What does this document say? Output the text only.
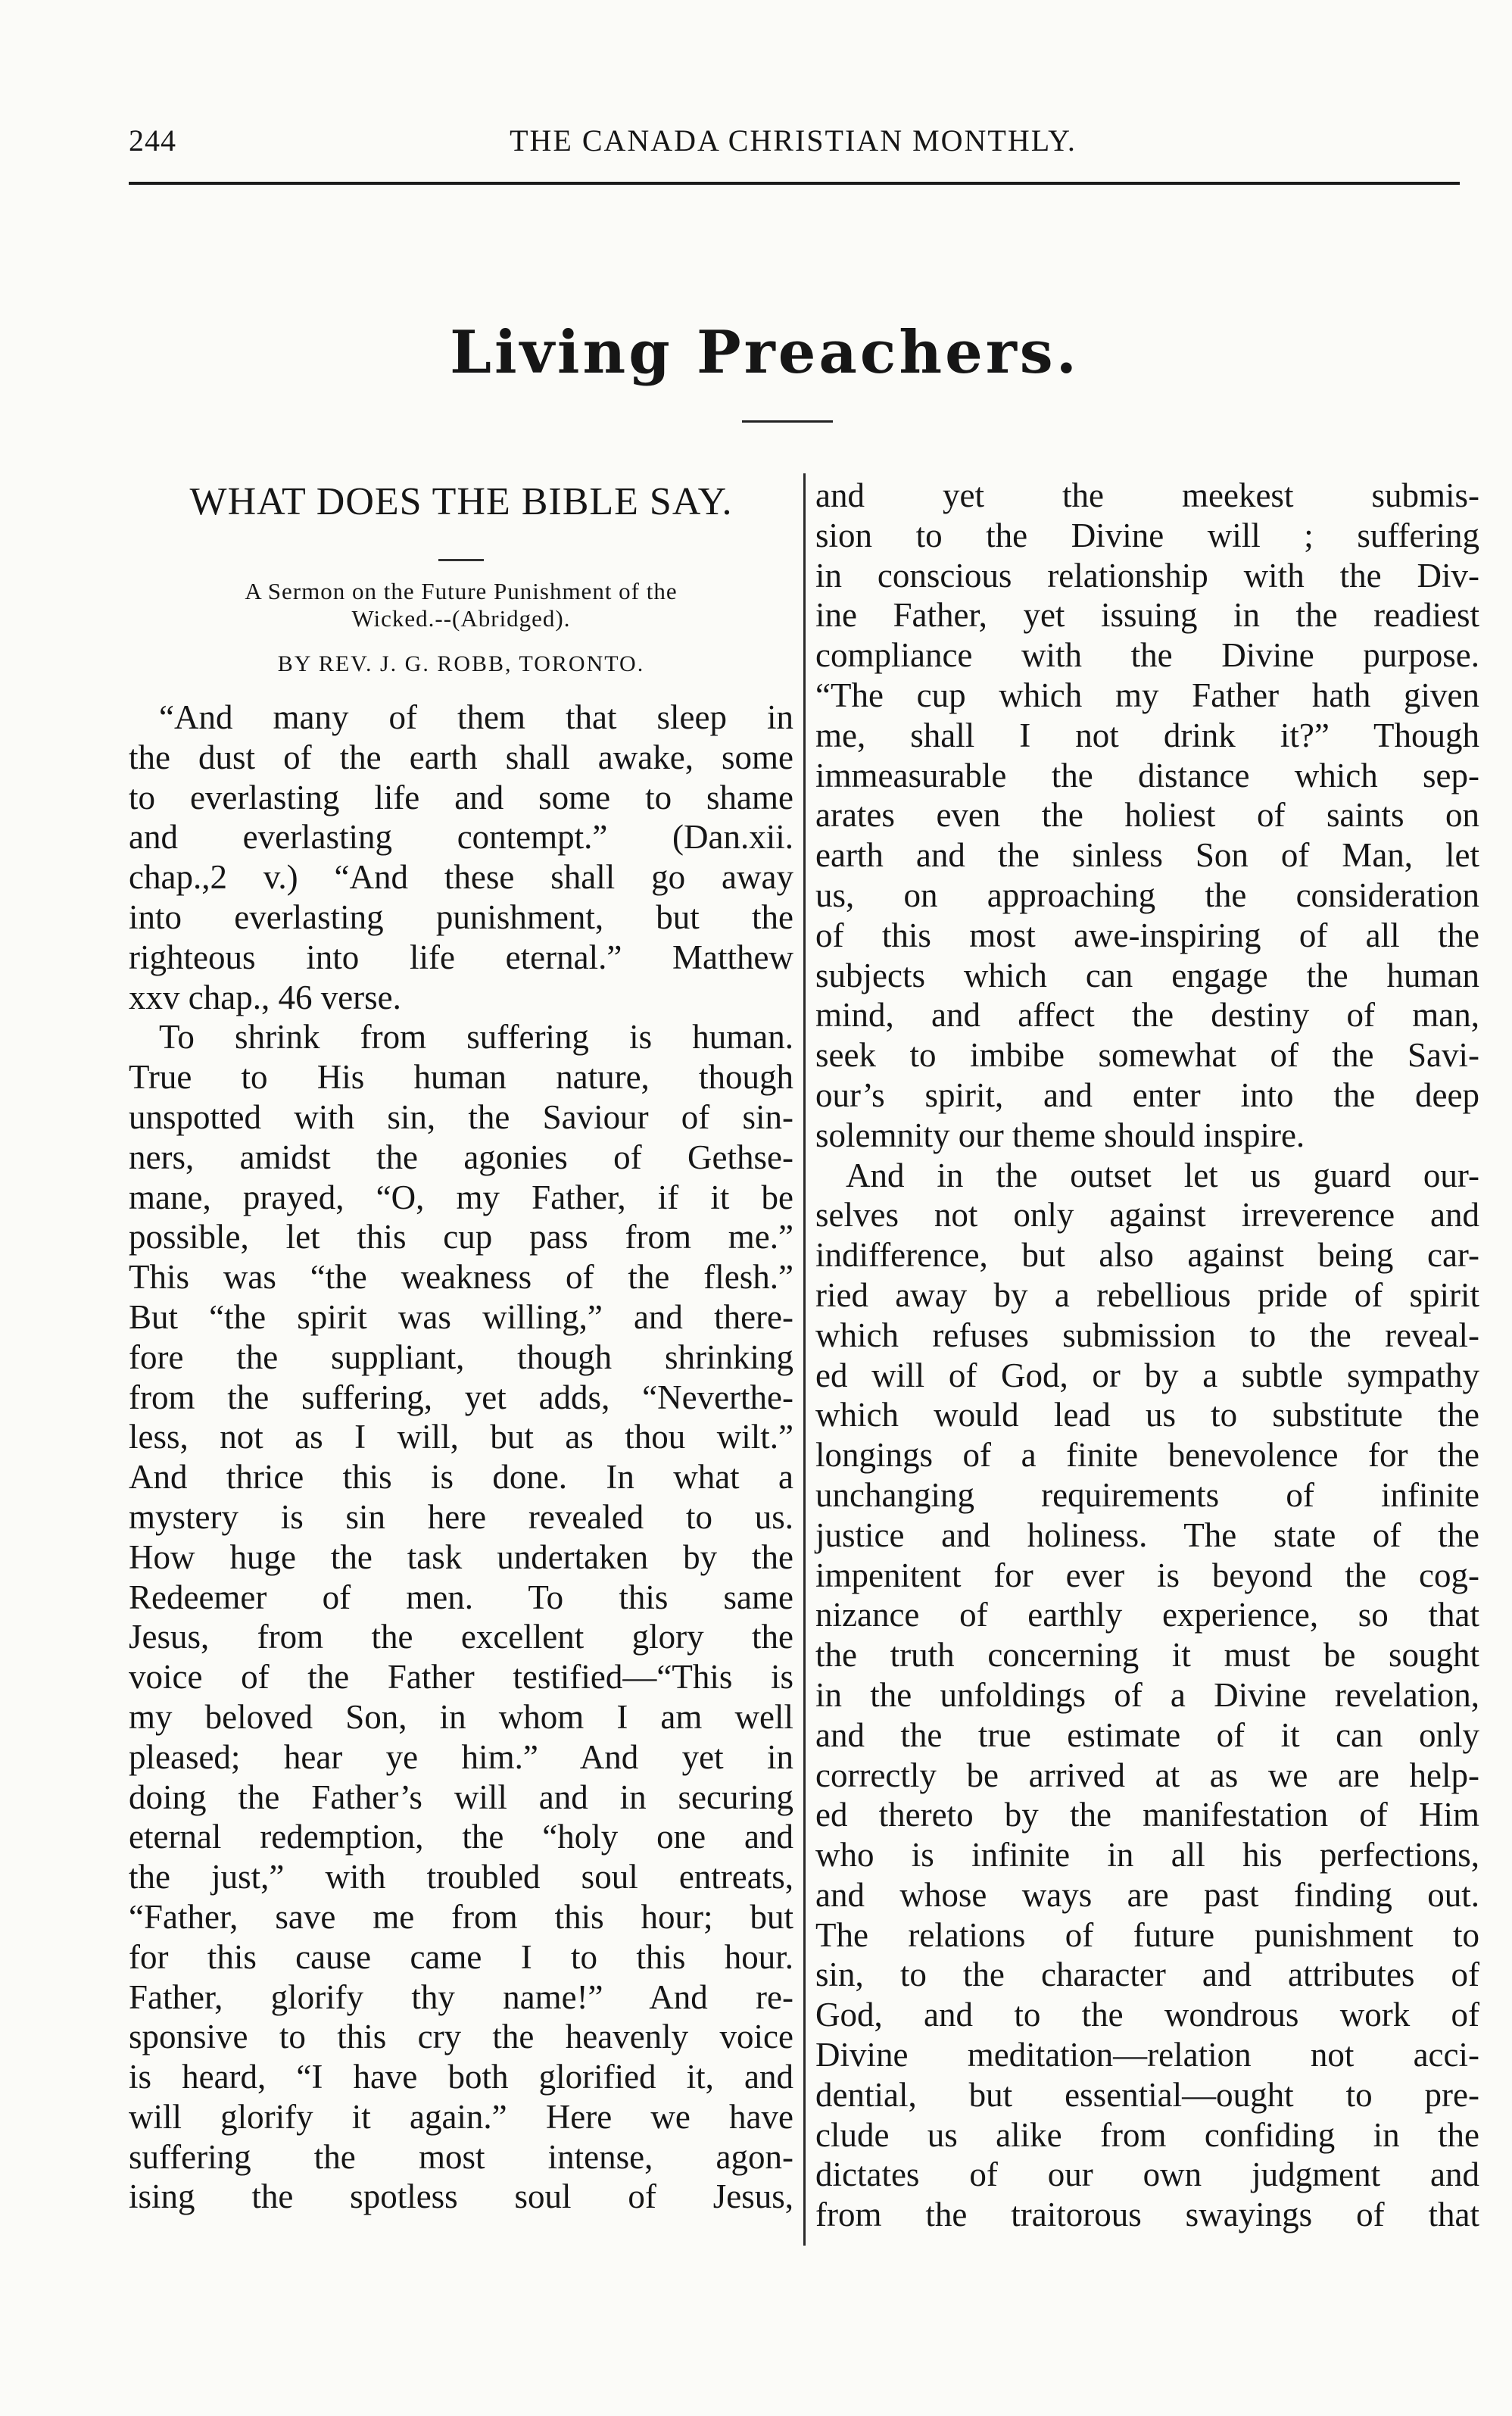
244	THE CANADA CHRISTIAN MONTHLY.
Living Preachers.
WHAT DOES THE BIBLE SAY.
A Sermon on the Future Punishment of the
Wicked.--(Abridged).
BY REV. J. G. ROBB, TORONTO.
“And many of them that sleep in
the dust of the earth shall awake, some
to everlasting life and some to shame
and everlasting contempt.” (Dan.xii.
chap.,2 v.) “And these shall go away
into everlasting punishment, but the
righteous into life eternal.” Matthew
xxv chap., 46 verse.
To shrink from suffering is human.
True to His human nature, though
unspotted with sin, the Saviour of sin-
ners, amidst the agonies of Gethse-
mane, prayed, “O, my Father, if it be
possible, let this cup pass from me.”
This was “the weakness of the flesh.”
But “the spirit was willing,” and there-
fore the suppliant, though shrinking
from the suffering, yet adds, “Neverthe-
less, not as I will, but as thou wilt.”
And thrice this is done. In what a
mystery is sin here revealed to us.
How huge the task undertaken by the
Redeemer of men. To this same
Jesus, from the excellent glory the
voice of the Father testified—“This is
my beloved Son, in whom I am well
pleased; hear ye him.” And yet in
doing the Father’s will and in securing
eternal redemption, the “holy one and
the just,” with troubled soul entreats,
“Father, save me from this hour; but
for this cause came I to this hour.
Father, glorify thy name!” And re-
sponsive to this cry the heavenly voice
is heard, “I have both glorified it, and
will glorify it again.” Here we have
suffering the most intense, agon-
ising the spotless soul of Jesus,
and yet the meekest submis-
sion to the Divine will ; suffering
in conscious relationship with the Div-
ine Father, yet issuing in the readiest
compliance with the Divine purpose.
“The cup which my Father hath given
me, shall I not drink it?” Though
immeasurable the distance which sep-
arates even the holiest of saints on
earth and the sinless Son of Man, let
us, on approaching the consideration
of this most awe-inspiring of all the
subjects which can engage the human
mind, and affect the destiny of man,
seek to imbibe somewhat of the Savi-
our’s spirit, and enter into the deep
solemnity our theme should inspire.
And in the outset let us guard our-
selves not only against irreverence and
indifference, but also against being car-
ried away by a rebellious pride of spirit
which refuses submission to the reveal-
ed will of God, or by a subtle sympathy
which would lead us to substitute the
longings of a finite benevolence for the
unchanging requirements of infinite
justice and holiness. The state of the
impenitent for ever is beyond the cog-
nizance of earthly experience, so that
the truth concerning it must be sought
in the unfoldings of a Divine revelation,
and the true estimate of it can only
correctly be arrived at as we are help-
ed thereto by the manifestation of Him
who is infinite in all his perfections,
and whose ways are past finding out.
The relations of future punishment to
sin, to the character and attributes of
God, and to the wondrous work of
Divine meditation—relation not acci-
dential, but essential—ought to pre-
clude us alike from confiding in the
dictates of our own judgment and
from the traitorous swayings of that
